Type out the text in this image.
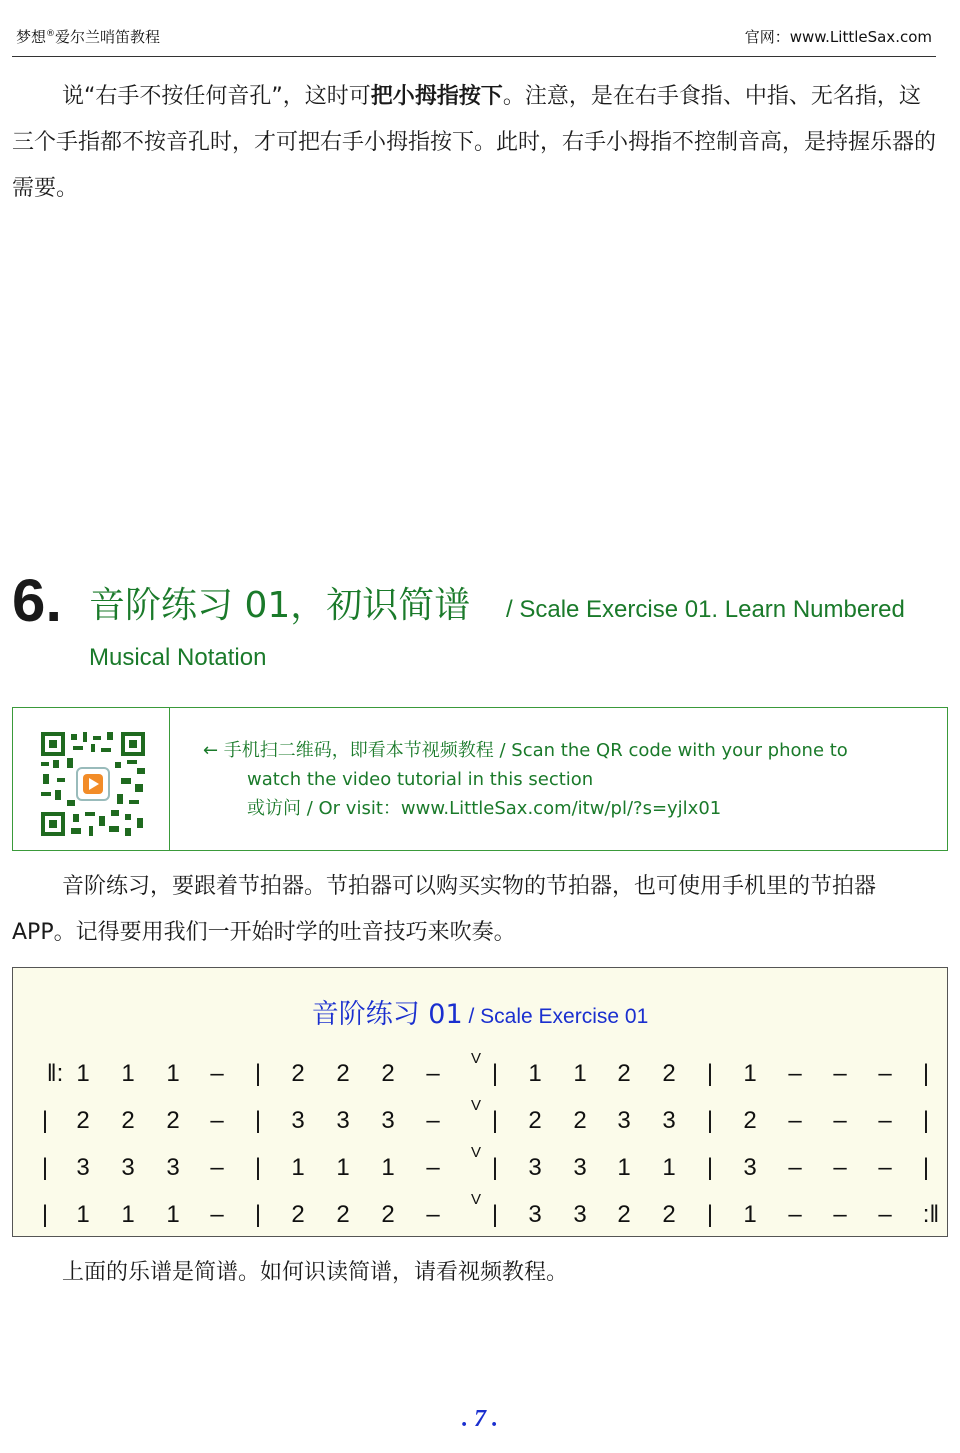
梦想®爱尔兰哨笛教程	官网：www.LittleSax.com
说“右手不按任何音孔”，这时可把小拇指按下。注意，是在右手食指、中指、无名指，这三个手指都不按音孔时，才可把右手小拇指按下。此时，右手小拇指不控制音高，是持握乐器的需要。
6. 音阶练习 01，初识简谱 / Scale Exercise 01. Learn Numbered
Musical Notation
← 手机扫二维码，即看本节视频教程 / Scan the QR code with your phone to
watch the video tutorial in this section
或访问 / Or visit：www.LittleSax.com/itw/pl/?s=yjlx01
音阶练习，要跟着节拍器。节拍器可以购买实物的节拍器，也可使用手机里的节拍器 APP。记得要用我们一开始时学的吐音技巧来吹奏。
音阶练习 01 / Scale Exercise 01
‖: 1 1 1 – | 2 2 2 – | 1 1 2 2 | 1 – – – |
V
| 2 2 2 – | 3 3 3 – | 2 2 3 3 | 2 – – – |
V
| 3 3 3 – | 1 1 1 – | 3 3 1 1 | 3 – – – |
V
| 1 1 1 – | 2 2 2 – | 3 3 2 2 | 1 – – – :‖
V
上面的乐谱是简谱。如何识读简谱，请看视频教程。
. 7 .
